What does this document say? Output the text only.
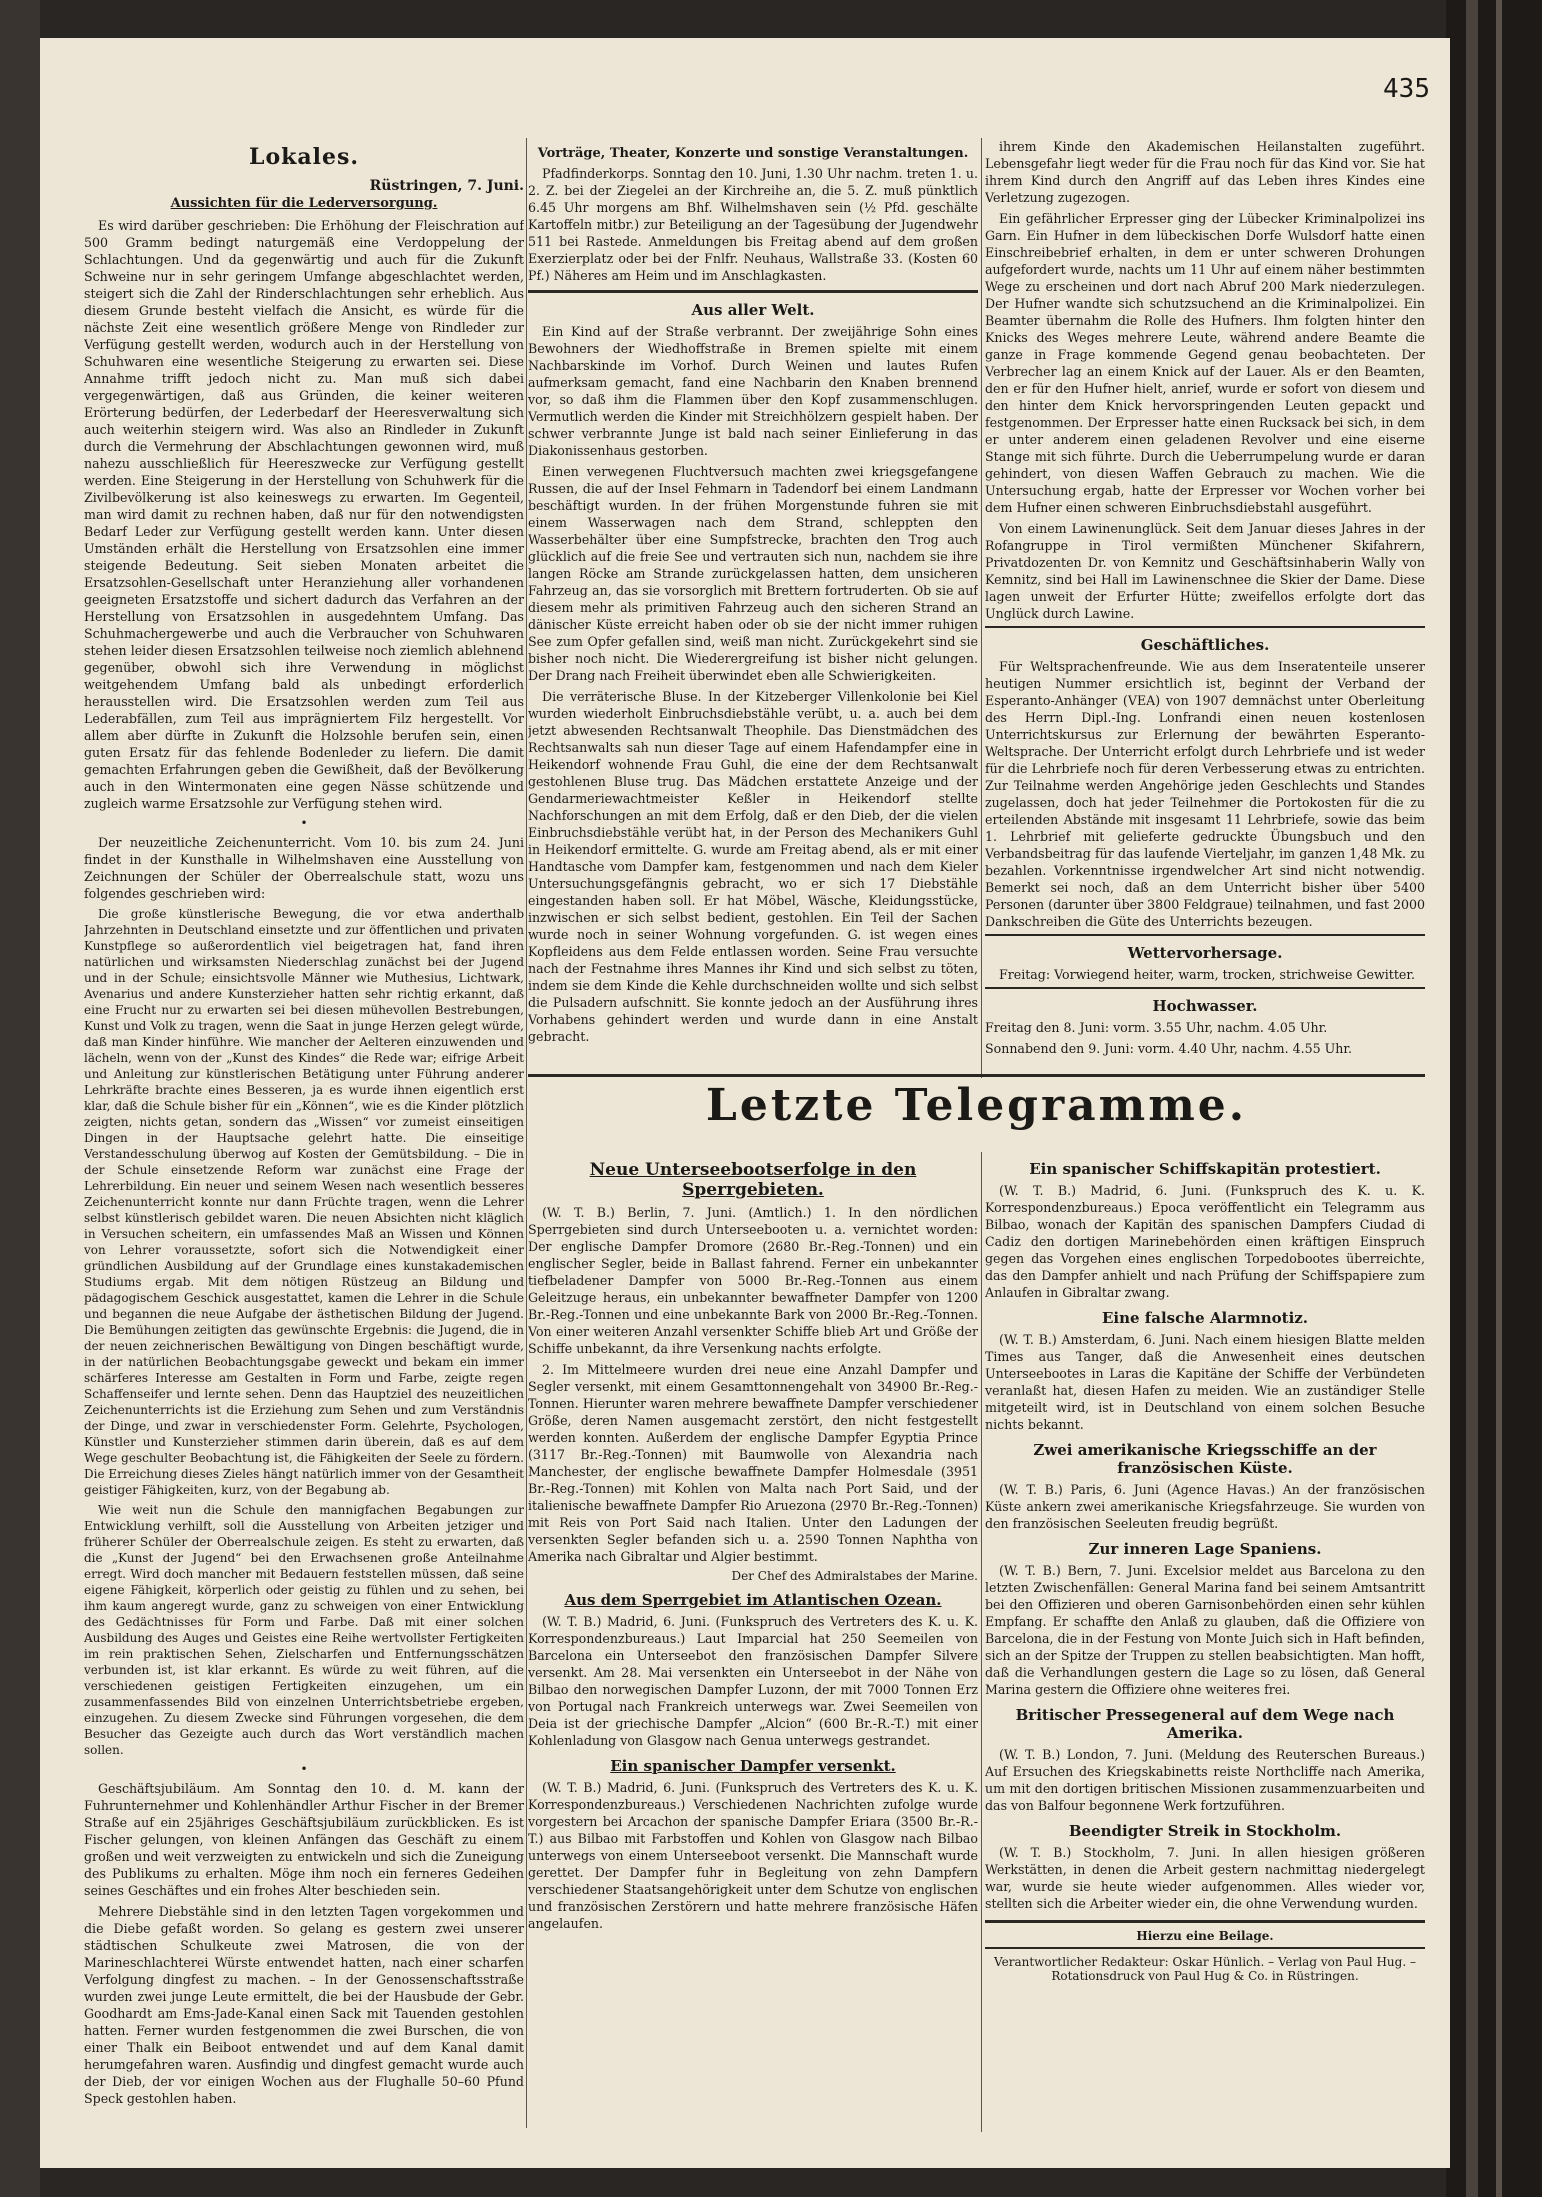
435
Lokales.
Rüstringen, 7. Juni.
Aussichten für die Lederversorgung.

Es wird darüber geschrieben: Die Erhöhung der Fleischration auf 500 Gramm bedingt naturgemäß eine Verdoppelung der Schlachtungen. Und da gegenwärtig und auch für die Zukunft Schweine nur in sehr geringem Umfange abgeschlachtet werden, steigert sich die Zahl der Rinderschlachtungen sehr erheblich. Aus diesem Grunde besteht vielfach die Ansicht, es würde für die nächste Zeit eine wesentlich größere Menge von Rindleder zur Verfügung gestellt werden, wodurch auch in der Herstellung von Schuhwaren eine wesentliche Steigerung zu erwarten sei. Diese Annahme trifft jedoch nicht zu. Man muß sich dabei vergegenwärtigen, daß aus Gründen, die keiner weiteren Erörterung bedürfen, der Lederbedarf der Heeresverwaltung sich auch weiterhin steigern wird. Was also an Rindleder in Zukunft durch die Vermehrung der Abschlachtungen gewonnen wird, muß nahezu ausschließlich für Heereszwecke zur Verfügung gestellt werden. Eine Steigerung in der Herstellung von Schuhwerk für die Zivilbevölkerung ist also keineswegs zu erwarten. Im Gegenteil, man wird damit zu rechnen haben, daß nur für den notwendigsten Bedarf Leder zur Verfügung gestellt werden kann. Unter diesen Umständen erhält die Herstellung von Ersatzsohlen eine immer steigende Bedeutung. Seit sieben Monaten arbeitet die Ersatzsohlen-Gesellschaft unter Heranziehung aller vorhandenen geeigneten Ersatzstoffe und sichert dadurch das Verfahren an der Herstellung von Ersatzsohlen in ausgedehntem Umfang. Das Schuhmachergewerbe und auch die Verbraucher von Schuhwaren stehen leider diesen Ersatzsohlen teilweise noch ziemlich ablehnend gegenüber, obwohl sich ihre Verwendung in möglichst weitgehendem Umfang bald als unbedingt erforderlich herausstellen wird. Die Ersatzsohlen werden zum Teil aus Lederabfällen, zum Teil aus imprägniertem Filz hergestellt. Vor allem aber dürfte in Zukunft die Holzsohle berufen sein, einen guten Ersatz für das fehlende Bodenleder zu liefern. Die damit gemachten Erfahrungen geben die Gewißheit, daß der Bevölkerung auch in den Wintermonaten eine gegen Nässe schützende und zugleich warme Ersatzsohle zur Verfügung stehen wird.

•

Der neuzeitliche Zeichenunterricht. Vom 10. bis zum 24. Juni findet in der Kunsthalle in Wilhelmshaven eine Ausstellung von Zeichnungen der Schüler der Oberrealschule statt, wozu uns folgendes geschrieben wird:

Die große künstlerische Bewegung, die vor etwa anderthalb Jahrzehnten in Deutschland einsetzte und zur öffentlichen und privaten Kunstpflege so außerordentlich viel beigetragen hat, fand ihren natürlichen und wirksamsten Niederschlag zunächst bei der Jugend und in der Schule; einsichtsvolle Männer wie Muthesius, Lichtwark, Avenarius und andere Kunsterzieher hatten sehr richtig erkannt, daß eine Frucht nur zu erwarten sei bei diesen mühevollen Bestrebungen, Kunst und Volk zu tragen, wenn die Saat in junge Herzen gelegt würde, daß man Kinder hinführe. Wie mancher der Aelteren einzuwenden und lächeln, wenn von der „Kunst des Kindes“ die Rede war; eifrige Arbeit und Anleitung zur künstlerischen Betätigung unter Führung anderer Lehrkräfte brachte eines Besseren, ja es wurde ihnen eigentlich erst klar, daß die Schule bisher für ein „Können“, wie es die Kinder plötzlich zeigten, nichts getan, sondern das „Wissen“ vor zumeist einseitigen Dingen in der Hauptsache gelehrt hatte. Die einseitige Verstandesschulung überwog auf Kosten der Gemütsbildung. – Die in der Schule einsetzende Reform war zunächst eine Frage der Lehrerbildung. Ein neuer und seinem Wesen nach wesentlich besseres Zeichenunterricht konnte nur dann Früchte tragen, wenn die Lehrer selbst künstlerisch gebildet waren. Die neuen Absichten nicht kläglich in Versuchen scheitern, ein umfassendes Maß an Wissen und Können von Lehrer voraussetzte, sofort sich die Notwendigkeit einer gründlichen Ausbildung auf der Grundlage eines kunstakademischen Studiums ergab. Mit dem nötigen Rüstzeug an Bildung und pädagogischem Geschick ausgestattet, kamen die Lehrer in die Schule und begannen die neue Aufgabe der ästhetischen Bildung der Jugend. Die Bemühungen zeitigten das gewünschte Ergebnis: die Jugend, die in der neuen zeichnerischen Bewältigung von Dingen beschäftigt wurde, in der natürlichen Beobachtungsgabe geweckt und bekam ein immer schärferes Interesse am Gestalten in Form und Farbe, zeigte regen Schaffenseifer und lernte sehen. Denn das Hauptziel des neuzeitlichen Zeichenunterrichts ist die Erziehung zum Sehen und zum Verständnis der Dinge, und zwar in verschiedenster Form. Gelehrte, Psychologen, Künstler und Kunsterzieher stimmen darin überein, daß es auf dem Wege geschulter Beobachtung ist, die Fähigkeiten der Seele zu fördern. Die Erreichung dieses Zieles hängt natürlich immer von der Gesamtheit geistiger Fähigkeiten, kurz, von der Begabung ab.

Wie weit nun die Schule den mannigfachen Begabungen zur Entwicklung verhilft, soll die Ausstellung von Arbeiten jetziger und früherer Schüler der Oberrealschule zeigen. Es steht zu erwarten, daß die „Kunst der Jugend“ bei den Erwachsenen große Anteilnahme erregt. Wird doch mancher mit Bedauern feststellen müssen, daß seine eigene Fähigkeit, körperlich oder geistig zu fühlen und zu sehen, bei ihm kaum angeregt wurde, ganz zu schweigen von einer Entwicklung des Gedächtnisses für Form und Farbe. Daß mit einer solchen Ausbildung des Auges und Geistes eine Reihe wertvollster Fertigkeiten im rein praktischen Sehen, Zielscharfen und Entfernungsschätzen verbunden ist, ist klar erkannt. Es würde zu weit führen, auf die verschiedenen geistigen Fertigkeiten einzugehen, um ein zusammenfassendes Bild von einzelnen Unterrichtsbetriebe ergeben, einzugehen. Zu diesem Zwecke sind Führungen vorgesehen, die dem Besucher das Gezeigte auch durch das Wort verständlich machen sollen.

•

Geschäftsjubiläum. Am Sonntag den 10. d. M. kann der Fuhrunternehmer und Kohlenhändler Arthur Fischer in der Bremer Straße auf ein 25jähriges Geschäftsjubiläum zurückblicken. Es ist Fischer gelungen, von kleinen Anfängen das Geschäft zu einem großen und weit verzweigten zu entwickeln und sich die Zuneigung des Publikums zu erhalten. Möge ihm noch ein ferneres Gedeihen seines Geschäftes und ein frohes Alter beschieden sein.

Mehrere Diebstähle sind in den letzten Tagen vorgekommen und die Diebe gefaßt worden. So gelang es gestern zwei unserer städtischen Schulkeute zwei Matrosen, die von der Marineschlachterei Würste entwendet hatten, nach einer scharfen Verfolgung dingfest zu machen. – In der Genossenschaftsstraße wurden zwei junge Leute ermittelt, die bei der Hausbude der Gebr. Goodhardt am Ems-Jade-Kanal einen Sack mit Tauenden gestohlen hatten. Ferner wurden festgenommen die zwei Burschen, die von einer Thalk ein Beiboot entwendet und auf dem Kanal damit herumgefahren waren. Ausfindig und dingfest gemacht wurde auch der Dieb, der vor einigen Wochen aus der Flughalle 50–60 Pfund Speck gestohlen haben.

Vorträge, Theater, Konzerte und sonstige Veranstaltungen.

Pfadfinderkorps. Sonntag den 10. Juni, 1.30 Uhr nachm. treten 1. u. 2. Z. bei der Ziegelei an der Kirchreihe an, die 5. Z. muß pünktlich 6.45 Uhr morgens am Bhf. Wilhelmshaven sein (½ Pfd. geschälte Kartoffeln mitbr.) zur Beteiligung an der Tagesübung der Jugendwehr 511 bei Rastede. Anmeldungen bis Freitag abend auf dem großen Exerzierplatz oder bei der Fnlfr. Neuhaus, Wallstraße 33. (Kosten 60 Pf.) Näheres am Heim und im Anschlagkasten.

Aus aller Welt.

Ein Kind auf der Straße verbrannt. Der zweijährige Sohn eines Bewohners der Wiedhoffstraße in Bremen spielte mit einem Nachbarskinde im Vorhof. Durch Weinen und lautes Rufen aufmerksam gemacht, fand eine Nachbarin den Knaben brennend vor, so daß ihm die Flammen über den Kopf zusammenschlugen. Vermutlich werden die Kinder mit Streichhölzern gespielt haben. Der schwer verbrannte Junge ist bald nach seiner Einlieferung in das Diakonissenhaus gestorben.

Einen verwegenen Fluchtversuch machten zwei kriegsgefangene Russen, die auf der Insel Fehmarn in Tadendorf bei einem Landmann beschäftigt wurden. In der frühen Morgenstunde fuhren sie mit einem Wasserwagen nach dem Strand, schleppten den Wasserbehälter über eine Sumpfstrecke, brachten den Trog auch glücklich auf die freie See und vertrauten sich nun, nachdem sie ihre langen Röcke am Strande zurückgelassen hatten, dem unsicheren Fahrzeug an, das sie vorsorglich mit Brettern fortruderten. Ob sie auf diesem mehr als primitiven Fahrzeug auch den sicheren Strand an dänischer Küste erreicht haben oder ob sie der nicht immer ruhigen See zum Opfer gefallen sind, weiß man nicht. Zurückgekehrt sind sie bisher noch nicht. Die Wiederergreifung ist bisher nicht gelungen. Der Drang nach Freiheit überwindet eben alle Schwierigkeiten.

Die verräterische Bluse. In der Kitzeberger Villenkolonie bei Kiel wurden wiederholt Einbruchsdiebstähle verübt, u. a. auch bei dem jetzt abwesenden Rechtsanwalt Theophile. Das Dienstmädchen des Rechtsanwalts sah nun dieser Tage auf einem Hafendampfer eine in Heikendorf wohnende Frau Guhl, die eine der dem Rechtsanwalt gestohlenen Bluse trug. Das Mädchen erstattete Anzeige und der Gendarmeriewachtmeister Keßler in Heikendorf stellte Nachforschungen an mit dem Erfolg, daß er den Dieb, der die vielen Einbruchsdiebstähle verübt hat, in der Person des Mechanikers Guhl in Heikendorf ermittelte. G. wurde am Freitag abend, als er mit einer Handtasche vom Dampfer kam, festgenommen und nach dem Kieler Untersuchungsgefängnis gebracht, wo er sich 17 Diebstähle eingestanden haben soll. Er hat Möbel, Wäsche, Kleidungsstücke, inzwischen er sich selbst bedient, gestohlen. Ein Teil der Sachen wurde noch in seiner Wohnung vorgefunden. G. ist wegen eines Kopfleidens aus dem Felde entlassen worden. Seine Frau versuchte nach der Festnahme ihres Mannes ihr Kind und sich selbst zu töten, indem sie dem Kinde die Kehle durchschneiden wollte und sich selbst die Pulsadern aufschnitt. Sie konnte jedoch an der Ausführung ihres Vorhabens gehindert werden und wurde dann in eine Anstalt gebracht.

ihrem Kinde den Akademischen Heilanstalten zugeführt. Lebensgefahr liegt weder für die Frau noch für das Kind vor. Sie hat ihrem Kind durch den Angriff auf das Leben ihres Kindes eine Verletzung zugezogen.

Ein gefährlicher Erpresser ging der Lübecker Kriminalpolizei ins Garn. Ein Hufner in dem lübeckischen Dorfe Wulsdorf hatte einen Einschreibebrief erhalten, in dem er unter schweren Drohungen aufgefordert wurde, nachts um 11 Uhr auf einem näher bestimmten Wege zu erscheinen und dort nach Abruf 200 Mark niederzulegen. Der Hufner wandte sich schutzsuchend an die Kriminalpolizei. Ein Beamter übernahm die Rolle des Hufners. Ihm folgten hinter den Knicks des Weges mehrere Leute, während andere Beamte die ganze in Frage kommende Gegend genau beobachteten. Der Verbrecher lag an einem Knick auf der Lauer. Als er den Beamten, den er für den Hufner hielt, anrief, wurde er sofort von diesem und den hinter dem Knick hervorspringenden Leuten gepackt und festgenommen. Der Erpresser hatte einen Rucksack bei sich, in dem er unter anderem einen geladenen Revolver und eine eiserne Stange mit sich führte. Durch die Ueberrumpelung wurde er daran gehindert, von diesen Waffen Gebrauch zu machen. Wie die Untersuchung ergab, hatte der Erpresser vor Wochen vorher bei dem Hufner einen schweren Einbruchsdiebstahl ausgeführt.

Von einem Lawinenunglück. Seit dem Januar dieses Jahres in der Rofangruppe in Tirol vermißten Münchener Skifahrern, Privatdozenten Dr. von Kemnitz und Geschäftsinhaberin Wally von Kemnitz, sind bei Hall im Lawinenschnee die Skier der Dame. Diese lagen unweit der Erfurter Hütte; zweifellos erfolgte dort das Unglück durch Lawine.

Geschäftliches.

Für Weltsprachenfreunde. Wie aus dem Inseratenteile unserer heutigen Nummer ersichtlich ist, beginnt der Verband der Esperanto-Anhänger (VEA) von 1907 demnächst unter Oberleitung des Herrn Dipl.-Ing. Lonfrandi einen neuen kostenlosen Unterrichtskursus zur Erlernung der bewährten Esperanto-Weltsprache. Der Unterricht erfolgt durch Lehrbriefe und ist weder für die Lehrbriefe noch für deren Verbesserung etwas zu entrichten. Zur Teilnahme werden Angehörige jeden Geschlechts und Standes zugelassen, doch hat jeder Teilnehmer die Portokosten für die zu erteilenden Abstände mit insgesamt 11 Lehrbriefe, sowie das beim 1. Lehrbrief mit gelieferte gedruckte Übungsbuch und den Verbandsbeitrag für das laufende Vierteljahr, im ganzen 1,48 Mk. zu bezahlen. Vorkenntnisse irgendwelcher Art sind nicht notwendig. Bemerkt sei noch, daß an dem Unterricht bisher über 5400 Personen (darunter über 3800 Feldgraue) teilnahmen, und fast 2000 Dankschreiben die Güte des Unterrichts bezeugen.

Wettervorhersage.

Freitag: Vorwiegend heiter, warm, trocken, strichweise Gewitter.

Hochwasser.

Freitag den 8. Juni: vorm. 3.55 Uhr, nachm. 4.05 Uhr.

Sonnabend den 9. Juni: vorm. 4.40 Uhr, nachm. 4.55 Uhr.

Letzte Telegramme.
Neue Unterseebootserfolge in den Sperrgebieten.

(W. T. B.) Berlin, 7. Juni. (Amtlich.) 1. In den nördlichen Sperrgebieten sind durch Unterseebooten u. a. vernichtet worden: Der englische Dampfer Dromore (2680 Br.-Reg.-Tonnen) und ein englischer Segler, beide in Ballast fahrend. Ferner ein unbekannter tiefbeladener Dampfer von 5000 Br.-Reg.-Tonnen aus einem Geleitzuge heraus, ein unbekannter bewaffneter Dampfer von 1200 Br.-Reg.-Tonnen und eine unbekannte Bark von 2000 Br.-Reg.-Tonnen. Von einer weiteren Anzahl versenkter Schiffe blieb Art und Größe der Schiffe unbekannt, da ihre Versenkung nachts erfolgte.

2. Im Mittelmeere wurden drei neue eine Anzahl Dampfer und Segler versenkt, mit einem Gesamttonnengehalt von 34900 Br.-Reg.-Tonnen. Hierunter waren mehrere bewaffnete Dampfer verschiedener Größe, deren Namen ausgemacht zerstört, den nicht festgestellt werden konnten. Außerdem der englische Dampfer Egyptia Prince (3117 Br.-Reg.-Tonnen) mit Baumwolle von Alexandria nach Manchester, der englische bewaffnete Dampfer Holmesdale (3951 Br.-Reg.-Tonnen) mit Kohlen von Malta nach Port Said, und der italienische bewaffnete Dampfer Rio Aruezona (2970 Br.-Reg.-Tonnen) mit Reis von Port Said nach Italien. Unter den Ladungen der versenkten Segler befanden sich u. a. 2590 Tonnen Naphtha von Amerika nach Gibraltar und Algier bestimmt.

Der Chef des Admiralstabes der Marine.
Aus dem Sperrgebiet im Atlantischen Ozean.

(W. T. B.) Madrid, 6. Juni. (Funkspruch des Vertreters des K. u. K. Korrespondenzbureaus.) Laut Imparcial hat 250 Seemeilen von Barcelona ein Unterseebot den französischen Dampfer Silvere versenkt. Am 28. Mai versenkten ein Unterseebot in der Nähe von Bilbao den norwegischen Dampfer Luzonn, der mit 7000 Tonnen Erz von Portugal nach Frankreich unterwegs war. Zwei Seemeilen von Deia ist der griechische Dampfer „Alcion“ (600 Br.-R.-T.) mit einer Kohlenladung von Glasgow nach Genua unterwegs gestrandet.

Ein spanischer Dampfer versenkt.

(W. T. B.) Madrid, 6. Juni. (Funkspruch des Vertreters des K. u. K. Korrespondenzbureaus.) Verschiedenen Nachrichten zufolge wurde vorgestern bei Arcachon der spanische Dampfer Eriara (3500 Br.-R.-T.) aus Bilbao mit Farbstoffen und Kohlen von Glasgow nach Bilbao unterwegs von einem Unterseeboot versenkt. Die Mannschaft wurde gerettet. Der Dampfer fuhr in Begleitung von zehn Dampfern verschiedener Staatsangehörigkeit unter dem Schutze von englischen und französischen Zerstörern und hatte mehrere französische Häfen angelaufen.

Ein spanischer Schiffskapitän protestiert.

(W. T. B.) Madrid, 6. Juni. (Funkspruch des K. u. K. Korrespondenzbureaus.) Epoca veröffentlicht ein Telegramm aus Bilbao, wonach der Kapitän des spanischen Dampfers Ciudad di Cadiz den dortigen Marinebehörden einen kräftigen Einspruch gegen das Vorgehen eines englischen Torpedobootes überreichte, das den Dampfer anhielt und nach Prüfung der Schiffspapiere zum Anlaufen in Gibraltar zwang.

Eine falsche Alarmnotiz.

(W. T. B.) Amsterdam, 6. Juni. Nach einem hiesigen Blatte melden Times aus Tanger, daß die Anwesenheit eines deutschen Unterseebootes in Laras die Kapitäne der Schiffe der Verbündeten veranlaßt hat, diesen Hafen zu meiden. Wie an zuständiger Stelle mitgeteilt wird, ist in Deutschland von einem solchen Besuche nichts bekannt.

Zwei amerikanische Kriegsschiffe an der französischen Küste.

(W. T. B.) Paris, 6. Juni (Agence Havas.) An der französischen Küste ankern zwei amerikanische Kriegsfahrzeuge. Sie wurden von den französischen Seeleuten freudig begrüßt.

Zur inneren Lage Spaniens.

(W. T. B.) Bern, 7. Juni. Excelsior meldet aus Barcelona zu den letzten Zwischenfällen: General Marina fand bei seinem Amtsantritt bei den Offizieren und oberen Garnisonbehörden einen sehr kühlen Empfang. Er schaffte den Anlaß zu glauben, daß die Offiziere von Barcelona, die in der Festung von Monte Juich sich in Haft befinden, sich an der Spitze der Truppen zu stellen beabsichtigten. Man hofft, daß die Verhandlungen gestern die Lage so zu lösen, daß General Marina gestern die Offiziere ohne weiteres frei.

Britischer Pressegeneral auf dem Wege nach Amerika.

(W. T. B.) London, 7. Juni. (Meldung des Reuterschen Bureaus.) Auf Ersuchen des Kriegskabinetts reiste Northcliffe nach Amerika, um mit den dortigen britischen Missionen zusammenzuarbeiten und das von Balfour begonnene Werk fortzuführen.

Beendigter Streik in Stockholm.

(W. T. B.) Stockholm, 7. Juni. In allen hiesigen größeren Werkstätten, in denen die Arbeit gestern nachmittag niedergelegt war, wurde sie heute wieder aufgenommen. Alles wieder vor, stellten sich die Arbeiter wieder ein, die ohne Verwendung wurden.

Hierzu eine Beilage.
Verantwortlicher Redakteur: Oskar Hünlich. – Verlag von Paul Hug. – Rotationsdruck von Paul Hug & Co. in Rüstringen.
